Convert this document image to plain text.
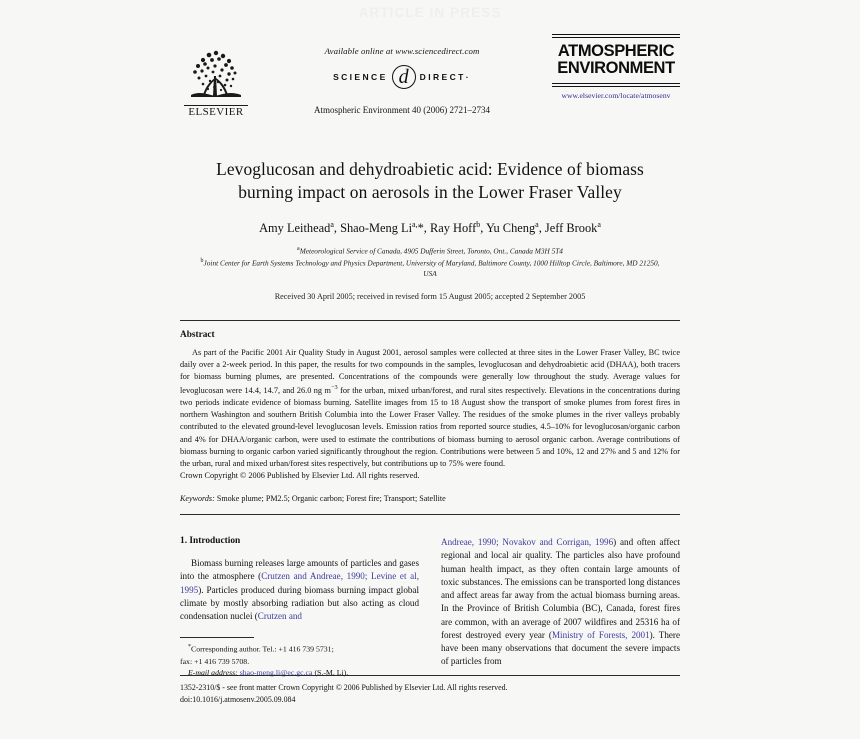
ARTICLE IN PRESS
ELSEVIER
Available online at www.sciencedirect.com
SCIENCE d	DIRECT·
Atmospheric Environment 40 (2006) 2721–2734
ATMOSPHERIC
ENVIRONMENT
www.elsevier.com/locate/atmosenv
Levoglucosan and dehydroabietic acid: Evidence of biomass burning impact on aerosols in the Lower Fraser Valley
Amy Leithead$^a$, Shao-Meng $Li^{a,}*$, Ray Hoff$^b$, Yu Cheng$^a$, Jeff Brook$^a$
$^a$Meteorological Service of Canada, 4905 Dufferin Street, Toronto, Ont., Canada M3H 5T4
$^b$Joint Center for Earth Systems Technology and Physics Department, University of Maryland, Baltimore County, 1000 Hilltop Circle, Baltimore, MD 21250, USA
Received 30 April 2005; received in revised form 15 August 2005; accepted 2 September 2005
Abstract
As part of the Pacific 2001 Air Quality Study in August 2001, aerosol samples were collected at three sites in the Lower Fraser Valley, BC twice daily over a 2-week period. In this paper, the results for two compounds in the samples, levoglucosan and dehydroabietic acid (DHAA), both tracers for biomass burning plumes, are presented. Concentrations of the compounds were generally low throughout the study. Average values for levoglucosan were 14.4, 14.7, and 26.0 ng $m^{-3}$ for the urban, mixed urban/forest, and rural sites respectively. Elevations in the concentrations during two periods indicate evidence of biomass burning. Satellite images from 15 to 18 August show the transport of smoke plumes from forest fires in northern Washington and southern British Columbia into the Lower Fraser Valley. The residues of the smoke plumes in the river valleys probably contributed to the elevated ground-level levoglucosan levels. Emission ratios from reported source studies, 4.5–10% for levoglucosan/organic carbon and 4% for DHAA/organic carbon, were used to estimate the contributions of biomass burning to aerosol organic carbon. Average contributions of biomass burning to organic carbon varied significantly throughout the region. Contributions were between 5 and 10%, 12 and 27% and 5 and 12% for the urban, rural and mixed urban/forest sites respectively, but contributions up to 75% were found.
Crown Copyright © 2006 Published by Elsevier Ltd. All rights reserved.
Keywords: Smoke plume; PM2.5; Organic carbon; Forest fire; Transport; Satellite
1. Introduction

Biomass burning releases large amounts of particles and gases into the atmosphere (Crutzen and Andreae, 1990; Levine et al, 1995). Particles produced during biomass burning impact global climate by mostly absorbing radiation but also acting as cloud condensation nuclei (Crutzen and

*Corresponding author. Tel.: +1 416 739 5731;
fax: +1 416 739 5708.
E-mail address: shao-meng.li@ec.gc.ca (S.-M. Li).

Andreae, 1990; Novakov and Corrigan, 1996) and often affect regional and local air quality. The particles also have profound human health impact, as they often contain large amounts of toxic substances. The emissions can be transported long distances and affect areas far away from the actual biomass burning areas. In the Province of British Columbia (BC), Canada, forest fires are common, with an average of 2007 wildfires and 25316 ha of forest destroyed every year (Ministry of Forests, 2001). There have been many observations that document the severe impacts of particles from

1352-2310/$ - see front matter Crown Copyright © 2006 Published by Elsevier Ltd. All rights reserved.
doi:10.1016/j.atmosenv.2005.09.084
